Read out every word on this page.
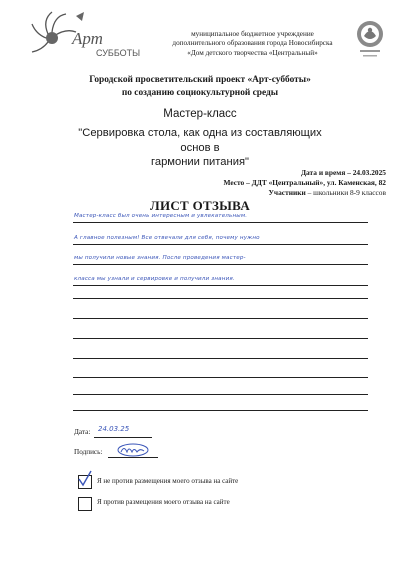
Арт
СУББОТЫ
муниципальное бюджетное учреждение
дополнительного образования города Новосибирска
«Дом детского творчества «Центральный»
Городской просветительский проект «Арт-субботы»
по созданию социокультурной среды
Мастер-класс
"Сервировка стола, как одна из составляющих основ в
гармонии питания"
Дата и время – 24.03.2025
Место – ДДТ «Центральный», ул. Каменская, 82
Участники – школьники 8-9 классов
ЛИСТ ОТЗЫВА
Мастер-класс был очень интересным и увлекательным.
А главное полезным! Все отвечали для себя, почему нужно
мы получили новые знания. После проведения мастер-
класса мы узнали и сервировке и получили знания.
Дата: 24.03.25
Подпись:
Я не против размещения моего отзыва на сайте
Я против размещения моего отзыва на сайте
